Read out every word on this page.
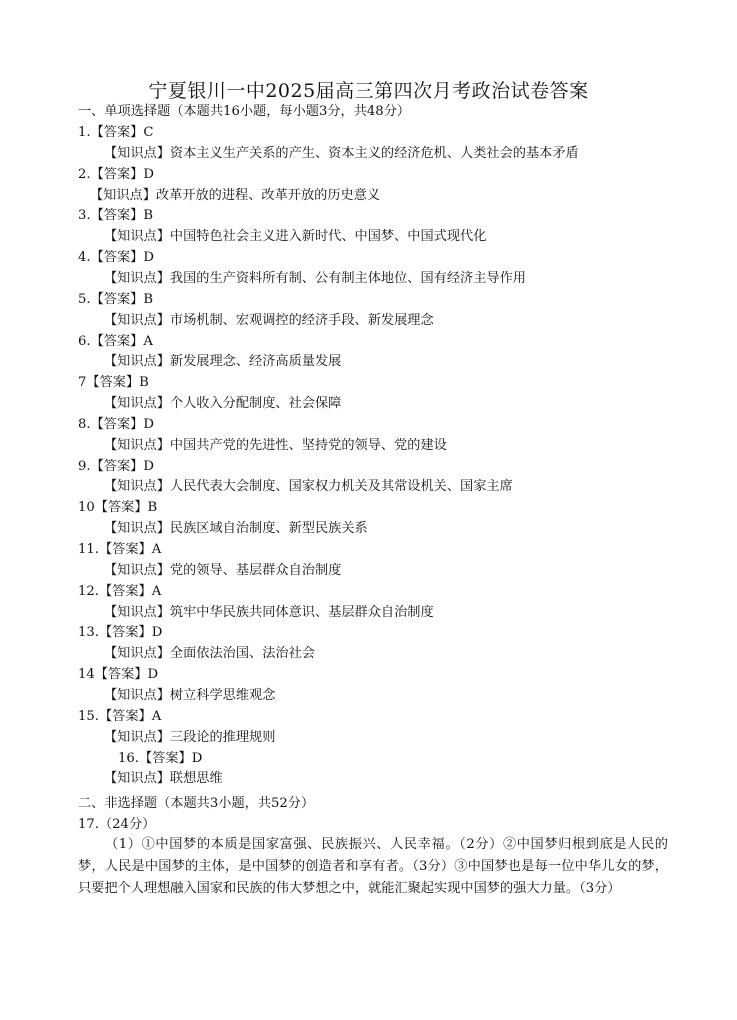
宁夏银川一中2025届高三第四次月考政治试卷答案
一、单项选择题（本题共16小题，每小题3分，共48分）
1.【答案】C
【知识点】资本主义生产关系的产生、资本主义的经济危机、人类社会的基本矛盾
2.【答案】D
【知识点】改革开放的进程、改革开放的历史意义
3.【答案】B
【知识点】中国特色社会主义进入新时代、中国梦、中国式现代化
4.【答案】D
【知识点】我国的生产资料所有制、公有制主体地位、国有经济主导作用
5.【答案】B
【知识点】市场机制、宏观调控的经济手段、新发展理念
6.【答案】A
【知识点】新发展理念、经济高质量发展
7【答案】B
【知识点】个人收入分配制度、社会保障
8.【答案】D
【知识点】中国共产党的先进性、坚持党的领导、党的建设
9.【答案】D
【知识点】人民代表大会制度、国家权力机关及其常设机关、国家主席
10【答案】B
【知识点】民族区域自治制度、新型民族关系
11.【答案】A
【知识点】党的领导、基层群众自治制度
12.【答案】A
【知识点】筑牢中华民族共同体意识、基层群众自治制度
13.【答案】D
【知识点】全面依法治国、法治社会
14【答案】D
【知识点】树立科学思维观念
15.【答案】A
【知识点】三段论的推理规则
16.【答案】D
【知识点】联想思维
二、非选择题（本题共3小题，共52分）
17.（24分）

（1）①中国梦的本质是国家富强、民族振兴、人民幸福。（2分）②中国梦归根到底是人民的梦，人民是中国梦的主体，是中国梦的创造者和享有者。（3分）③中国梦也是每一位中华儿女的梦，只要把个人理想融入国家和民族的伟大梦想之中，就能汇聚起实现中国梦的强大力量。（3分）
